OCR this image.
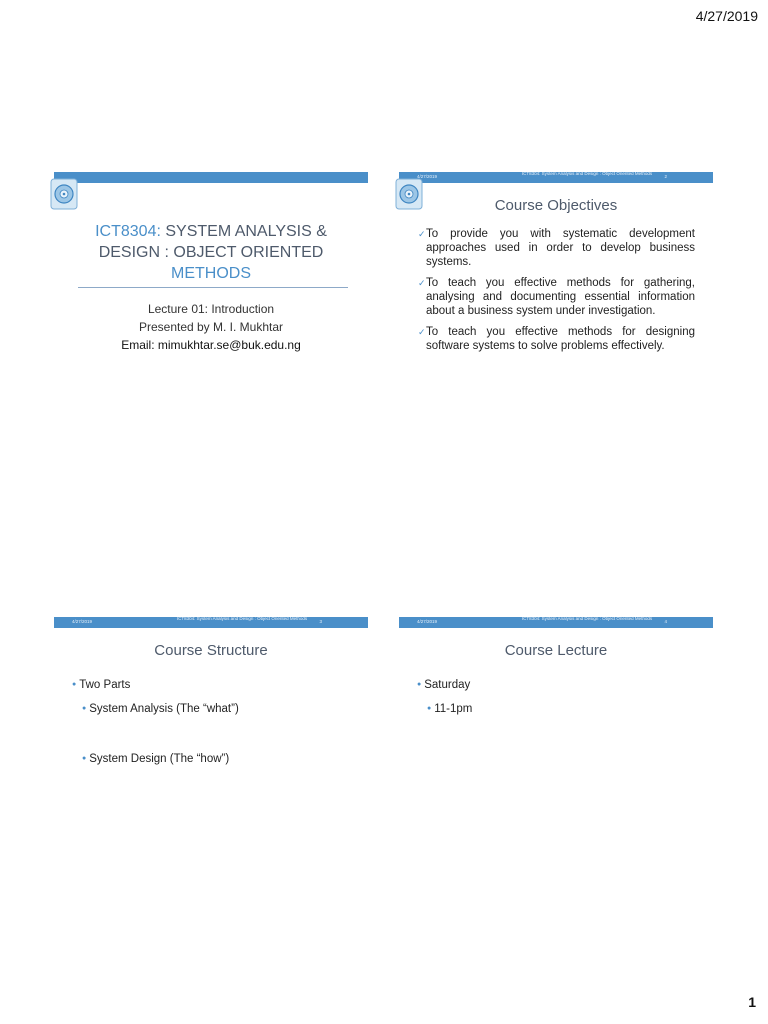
4/27/2019
ICT8304: SYSTEM ANALYSIS & DESIGN : OBJECT ORIENTED METHODS
Lecture 01: Introduction
Presented by M. I. Mukhtar
Email: mimukhtar.se@buk.edu.ng
4/27/2019
ICT8304: System Analysis and Design : Object Oriented Methods
2
Course Objectives
✓ To provide you with systematic development approaches used in order to develop business systems.
✓ To teach you effective methods for gathering, analysing and documenting essential information about a business system under investigation.
✓ To teach you effective methods for designing software systems to solve problems effectively.
4/27/2019
ICT8304: System Analysis and Design : Object Oriented Methods
3
Course Structure
● Two Parts
● System Analysis (The “what”)
● System Design (The “how”)
4/27/2019
ICT8304: System Analysis and Design : Object Oriented Methods
4
Course Lecture
● Saturday
● 11-1pm
1
